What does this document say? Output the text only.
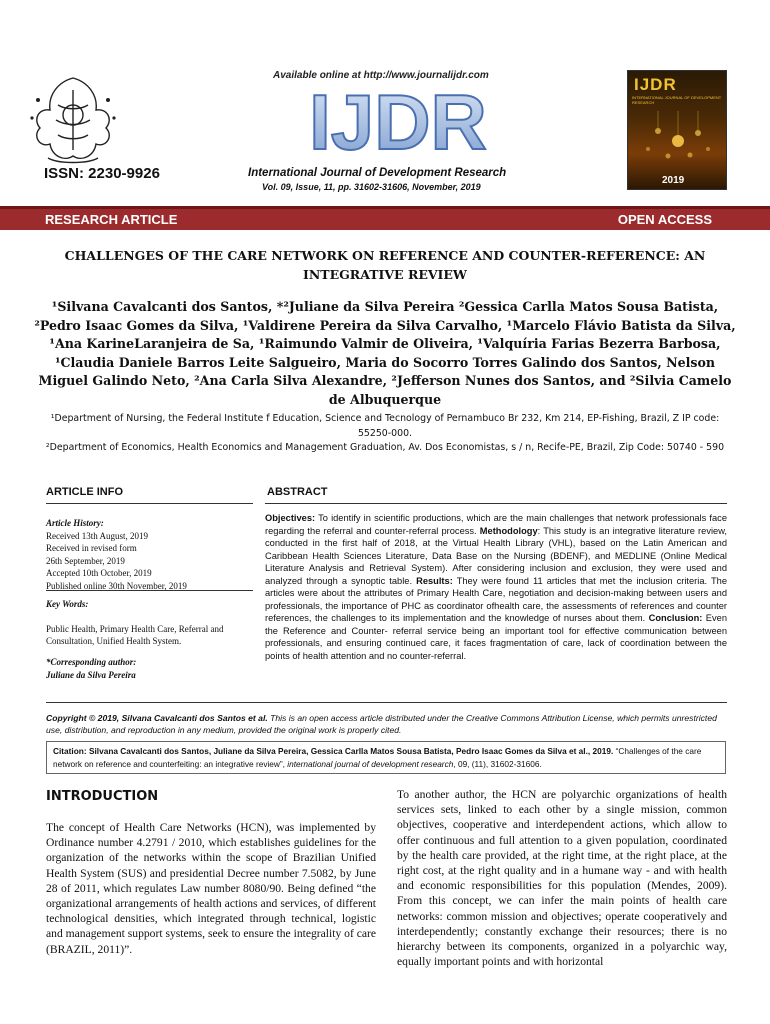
Available online at http://www.journalijdr.com
IJDR
ISSN: 2230-9926	International Journal of Development Research
Vol. 09, Issue, 11, pp. 31602-31606, November, 2019
IJDR
INTERNATIONAL JOURNAL OF DEVELOPMENT RESEARCH
2019
RESEARCH ARTICLE	OPEN ACCESS
CHALLENGES OF THE CARE NETWORK ON REFERENCE AND COUNTER-REFERENCE: AN INTEGRATIVE REVIEW
¹Silvana Cavalcanti dos Santos, *²Juliane da Silva Pereira ²Gessica Carlla Matos Sousa Batista, ²Pedro Isaac Gomes da Silva, ¹Valdirene Pereira da Silva Carvalho, ¹Marcelo Flávio Batista da Silva, ¹Ana KarineLaranjeira de Sa, ¹Raimundo Valmir de Oliveira, ¹Valquíria Farias Bezerra Barbosa, ¹Claudia Daniele Barros Leite Salgueiro, Maria do Socorro Torres Galindo dos Santos, Nelson Miguel Galindo Neto, ²Ana Carla Silva Alexandre, ²Jefferson Nunes dos Santos, and ²Silvia Camelo de Albuquerque
¹Department of Nursing, the Federal Institute f Education, Science and Tecnology of Pernambuco Br 232, Km 214, EP-Fishing, Brazil, Z IP code: 55250-000.
²Department of Economics, Health Economics and Management Graduation, Av. Dos Economistas, s / n, Recife-PE, Brazil, Zip Code: 50740 - 590
ARTICLE INFO	ABSTRACT
Article History:
Received 13th August, 2019
Received in revised form
26th September, 2019
Accepted 10th October, 2019
Published online 30th November, 2019
Key Words:
Public Health, Primary Health Care, Referral and Consultation, Unified Health System.
*Corresponding author:
Juliane da Silva Pereira
Objectives: To identify in scientific productions, which are the main challenges that network professionals face regarding the referral and counter-referral process. Methodology: This study is an integrative literature review, conducted in the first half of 2018, at the Virtual Health Library (VHL), based on the Latin American and Caribbean Health Sciences Literature, Data Base on the Nursing (BDENF), and MEDLINE (Online Medical Literature Analysis and Retrieval System). After considering inclusion and exclusion, they were used and analyzed through a synoptic table. Results: They were found 11 articles that met the inclusion criteria. The articles were about the attributes of Primary Health Care, negotiation and decision-making between users and professionals, the importance of PHC as coordinator ofhealth care, the assessments of references and counter references, the challenges to its implementation and the knowledge of nurses about them. Conclusion: Even the Reference and Counter- referral service being an important tool for effective communication between professionals, and ensuring continued care, it faces fragmentation of care, lack of coordination between the points of health attention and no counter-referral.
Copyright © 2019, Silvana Cavalcanti dos Santos et al. This is an open access article distributed under the Creative Commons Attribution License, which permits unrestricted use, distribution, and reproduction in any medium, provided the original work is properly cited.
Citation: Silvana Cavalcanti dos Santos, Juliane da Silva Pereira, Gessica Carlla Matos Sousa Batista, Pedro Isaac Gomes da Silva et al., 2019. “Challenges of the care network on reference and counterfeiting: an integrative review”, international journal of development research, 09, (11), 31602-31606.
INTRODUCTION
The concept of Health Care Networks (HCN), was implemented by Ordinance number 4.2791 / 2010, which establishes guidelines for the organization of the networks within the scope of Brazilian Unified Health System (SUS) and presidential Decree number 7.5082, by June 28 of 2011, which regulates Law number 8080/90. Being defined “the organizational arrangements of health actions and services, of different technological densities, which integrated through technical, logistic and management support systems, seek to ensure the integrality of care (BRAZIL, 2011)”.
To another author, the HCN are polyarchic organizations of health services sets, linked to each other by a single mission, common objectives, cooperative and interdependent actions, which allow to offer continuous and full attention to a given population, coordinated by the health care provided, at the right time, at the right place, at the right cost, at the right quality and in a humane way - and with health and economic responsibilities for this population (Mendes, 2009). From this concept, we can infer the main points of health care networks: common mission and objectives; operate cooperatively and interdependently; constantly exchange their resources; there is no hierarchy between its components, organized in a polyarchic way, equally important points and with horizontal
